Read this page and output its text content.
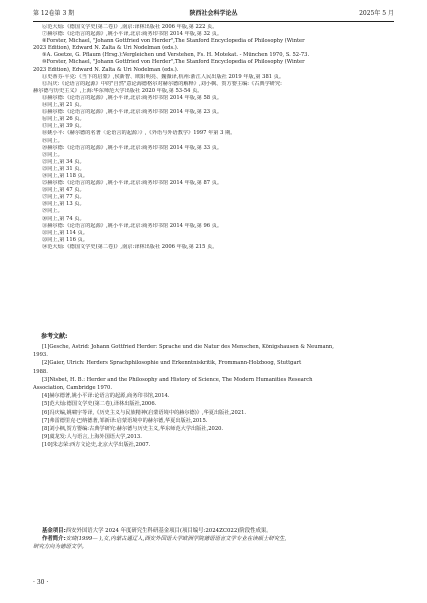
第 12卷第 3 期	陕西社会科学论丛	2025年 5 月
⑥范大灿:《德国文学史(第二卷)》,南京:译林出版社 2006 年版,第 222 页。
⑦赫尔德:《论语言的起源》,姚小平译,北京:商务印书馆 2014 年版,第 32 页。
⑧Forster, Michael, "Johann Gottfried von Herder",The Stanford Encyclopedia of Philosophy (Winter
2023 Edition), Edward N. Zalta & Uri Nodelman (eds.).
⑨A. Goetze, G. Pflaum (Hrsg.):Vergleichen und Verstehen, Fs. H. Motekat. - München 1970, S. 52-73.
⑩Forster, Michael, "Johann Gottfried von Herder",The Stanford Encyclopedia of Philosophy (Winter
2023 Edition), Edward N. Zalta & Uri Nodelman (eds.).
⑪史蒂芬·平克:《当下的启蒙》,侯新智、欧阳明亮、魏薇译,杭州:浙江人民出版社 2019 年版,第 381 页。
⑫冯庆:《论语言的起源》中的"自然"意论海德格尔对赫尔德的解释》,刘小枫、贺方婴主编:《古典学研究:
赫尔德与历史主义》,上海:华东师范大学出版社 2020 年版,第 53-54 页。
⑬赫尔德:《论语言的起源》,姚小平译,北京:商务印书馆 2014 年版,第 58 页。
⑭同上,第 21 页。
⑮赫尔德:《论语言的起源》,姚小平译,北京:商务印书馆 2014 年版,第 23 页。
⑯同上,第 26 页。
⑰同上,第 39 页。
⑱姚小平:《赫尔德的名著〈论语言的起源〉》,《外语与外语教学》1997 年第 3 期。
⑲同上。
⑳赫尔德:《论语言的起源》,姚小平译,北京:商务印书馆 2014 年版,第 33 页。
㉑同上。
㉒同上,第 34 页。
㉓同上,第 31 页。
㉔同上,第 118 页。
㉕赫尔德:《论语言的起源》,姚小平译,北京:商务印书馆 2014 年版,第 87 页。
㉖同上,第 47 页。
㉗同上,第 77 页。
㉘同上,第 13 页。
㉙同上。
㉚同上,第 74 页。
㉛赫尔德:《论语言的起源》,姚小平译,北京:商务印书馆 2014 年版,第 96 页。
㉜同上,第 114 页。
㉝同上,第 116 页。
㉞范大灿:《德国文学史(第二卷)》,南京:译林出版社 2006 年版,第 215 页。
参考文献:
[1]Gesche, Astrid: Johann Gottfried Herder: Sprache und die Natur des Menschen, Königshausen & Neumann,
1993.
[2]Gaier, Ulrich: Herders Sprachphilosophie und Erkenntniskritik, Frommann-Holzboog, Stuttgart
1988.
[3]Nisbet, H. B.: Herder and the Philosophy and History of Science, The Modern Humanities Research
Association, Cambridge 1970.
[4]赫尔德著,姚小平译:论语言的起源,商务印书馆,2014.
[5]范大灿:德国文学史(第二卷),译林出版社,2006.
[6]冯庆编,姚啸宇等译,《历史主义与民族精神(启蒙语境中的赫尔德)》,华夏出版社,2021.
[7]弗雷德里克·巴纳德著,邹新译:启蒙语境中的赫尔德,华夏出版社,2015.
[8]刘小枫,贺方婴编:古典学研究:赫尔德与历史主义,华东师范大学出版社,2020.
[9]虞龙发:人与语言,上海外国语大学,2013.
[10]朱志荣:西方文论史,北京大学出版社,2007.
基金项目:西安外国语大学 2024 年度研究生科研基金项目(项目编号:2024ZC022)阶段性成果。
作者简介:安琦(1999— ),女,内蒙古通辽人,西安外国语大学欧洲学院德语语言文学专业在读硕士研究生,
研究方向为德语文学。
· 30 ·
